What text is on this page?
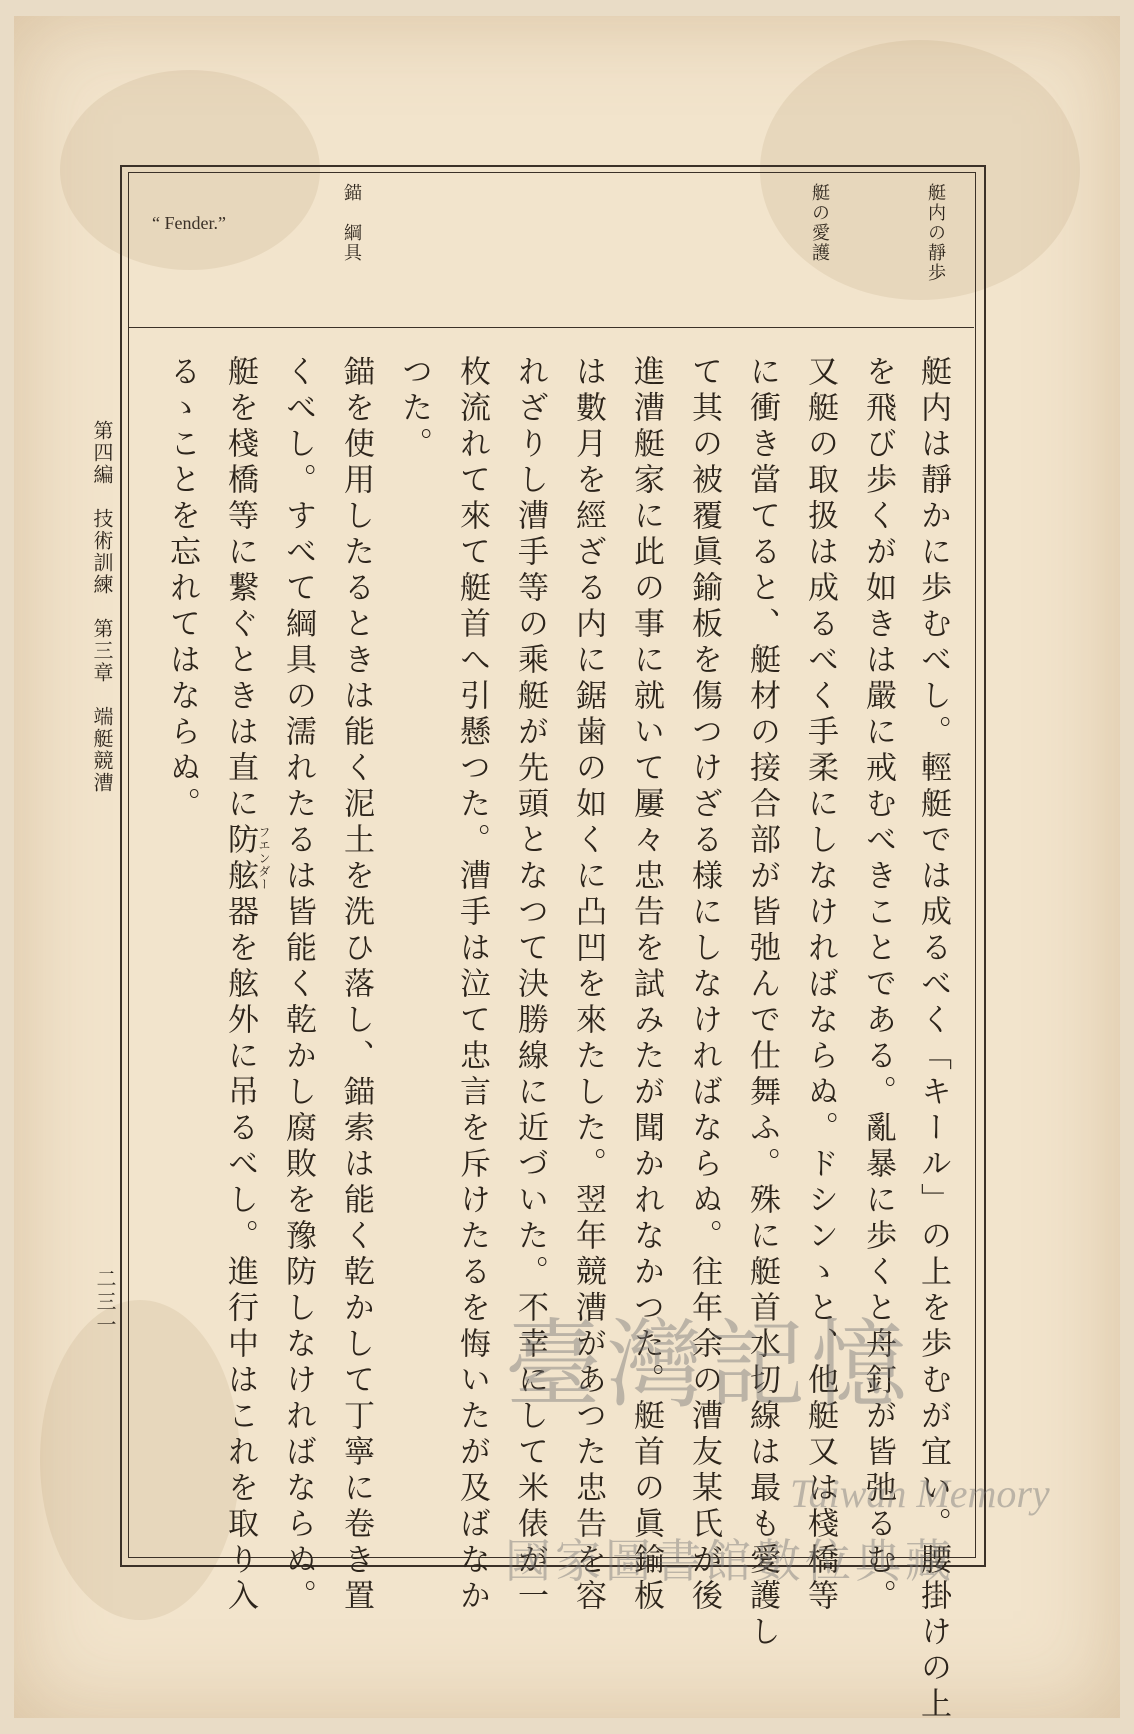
艇内の靜歩
艇の愛護
錨　綱具
“ Fender.”
艇内は靜かに歩むべし。輕艇では成るべく「キール」の上を歩むが宜い。腰掛けの上
を飛び歩くが如きは嚴に戒むべきことである。亂暴に歩くと舟釘が皆弛るむ。
又艇の取扱は成るべく手柔にしなければならぬ。ドシンゝと、他艇又は棧橋等
に衝き當てると、艇材の接合部が皆弛んで仕舞ふ。殊に艇首水切線は最も愛護し
て其の被覆眞鍮板を傷つけざる様にしなければならぬ。往年余の漕友某氏が後
進漕艇家に此の事に就いて屢々忠告を試みたが聞かれなかつた。艇首の眞鍮板
は數月を經ざる内に鋸歯の如くに凸凹を來たした。翌年競漕があつた忠告を容
れざりし漕手等の乘艇が先頭となつて決勝線に近づいた。不幸にして米俵が一
枚流れて來て艇首へ引懸つた。漕手は泣て忠言を斥けたるを悔いたが及ばなか
つた。
錨を使用したるときは能く泥土を洗ひ落し、錨索は能く乾かして丁寧に卷き置
くべし。すべて綱具の濡れたるは皆能く乾かし腐敗を豫防しなければならぬ。
艇を棧橋等に繋ぐときは直に防舷器を舷外に吊るべし。進行中はこれを取り入
るゝことを忘れてはならぬ。
フエンダー
第四編　技術訓練　第三章　端艇競漕
二三一
臺灣記憶
Taiwan Memory
國家圖書館數位典藏
